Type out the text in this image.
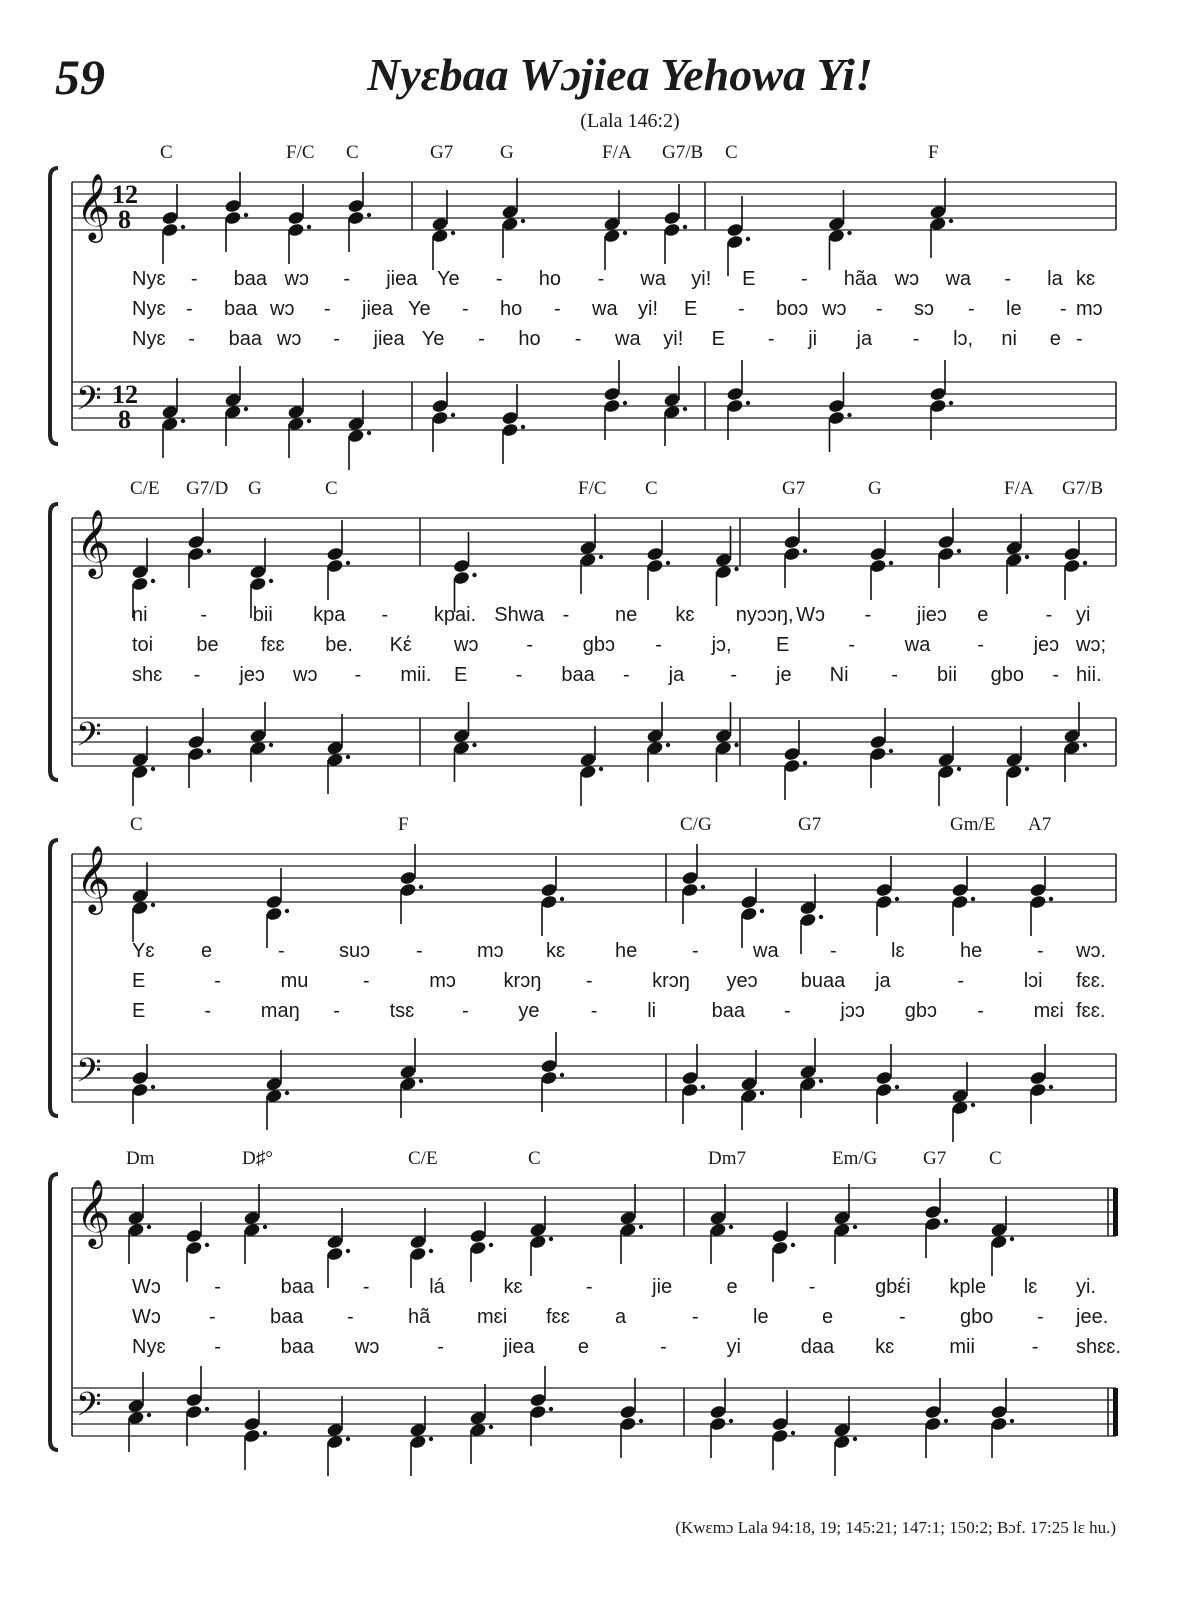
59	Nyɛbaa Wɔjiea Yehowa Yi!
(Lala 146:2)
𝄞 12
8
𝄢 12
8
𝄞
𝄢
𝄞
𝄢
𝄞
𝄢
C	F/C C	G7 G	F/A G7/B C	F
Nyɛ - baa wɔ - jiea Ye - ho - wa yi! E - hãa wɔ wa - la kɛ
Nyɛ - baa wɔ - jiea Ye - ho - wa yi! E - boɔ wɔ - sɔ - le - mɔ
Nyɛ - baa wɔ - jiea Ye - ho - wa yi! E - ji ja - lɔ, ni e -
C/E G7/D G	C	F/C C	G7	G	F/A G7/B
ni	- bii kpa - kpai. Shwa - ne kɛ nyɔɔŋ, Wɔ - jieɔ e	- yi
toi be fɛɛ be. Kέ wɔ - gbɔ - jɔ, E	- wa - jeɔ wɔ;
shɛ - jeɔ wɔ - mii. E - baa - ja - je Ni - bii gbo - hii.
C	F	C/G	G7	Gm/E A7
Yɛ e	-	suɔ -	mɔ kɛ he	-	wa	-	lɛ	he	- wɔ.
E	-	mu	-	mɔ krɔŋ -	krɔŋ yeɔ buaa ja	-	lɔi fɛɛ.
E	- maŋ - tsɛ - ye	- li	baa - jɔɔ gbɔ - mɛi fɛɛ.
Dm	D♯°	C/E	C	Dm7	Em/G G7 C
Wɔ	-	baa -	lá	kɛ	-	jie	e	-	gbέi kple lɛ yi.
Wɔ -	baa -	hã mɛi fɛɛ a	-	le	e	-	gbo - jee.
Nyɛ -	baa wɔ	-	jiea e	-	yi	daa kɛ	mii	- shɛɛ.
(Kwɛmɔ Lala 94:18, 19; 145:21; 147:1; 150:2; Bɔf. 17:25 lɛ hu.)
